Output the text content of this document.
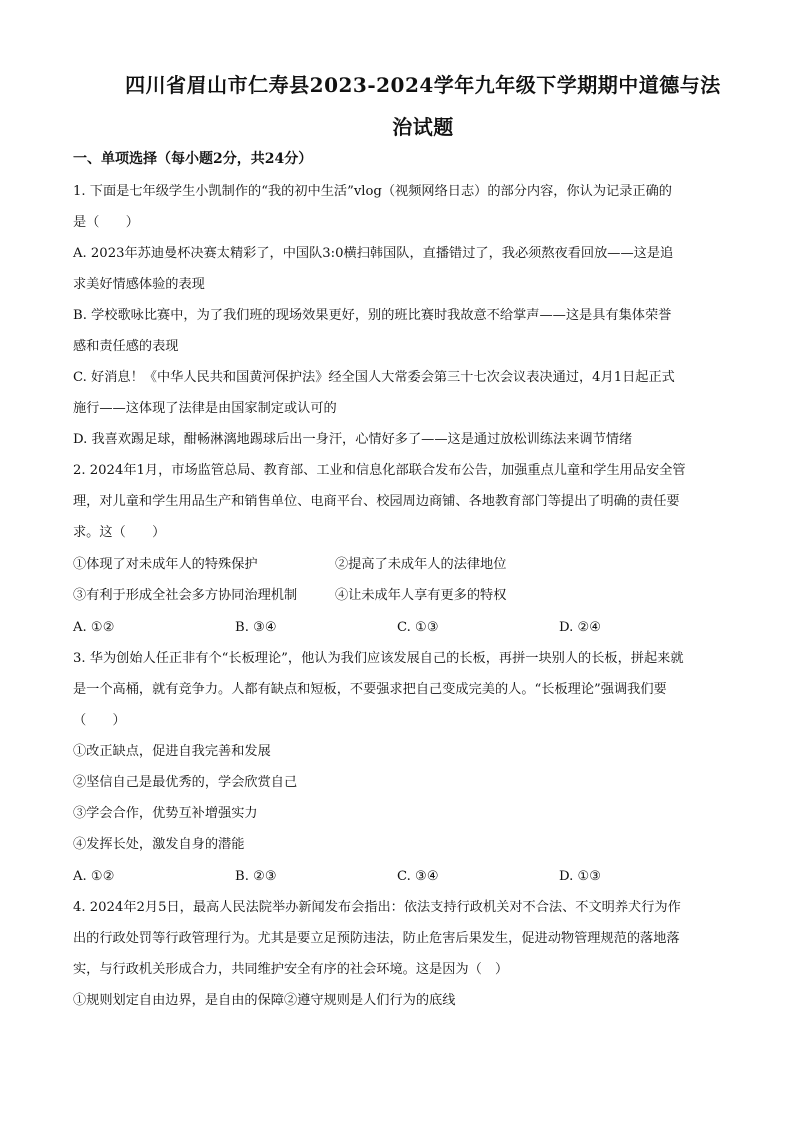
四川省眉山市仁寿县2023-2024学年九年级下学期期中道德与法
治试题
一、单项选择（每小题2分，共24分）
1. 下面是七年级学生小凯制作的“我的初中生活”vlog（视频网络日志）的部分内容，你认为记录正确的
是（　　）
A. 2023年苏迪曼杯决赛太精彩了，中国队3:0横扫韩国队，直播错过了，我必须熬夜看回放——这是追
求美好情感体验的表现
B. 学校歌咏比赛中，为了我们班的现场效果更好，别的班比赛时我故意不给掌声——这是具有集体荣誉
感和责任感的表现
C. 好消息！《中华人民共和国黄河保护法》经全国人大常委会第三十七次会议表决通过，4月1日起正式
施行——这体现了法律是由国家制定或认可的
D. 我喜欢踢足球，酣畅淋漓地踢球后出一身汗，心情好多了——这是通过放松训练法来调节情绪
2. 2024年1月，市场监管总局、教育部、工业和信息化部联合发布公告，加强重点儿童和学生用品安全管
理，对儿童和学生用品生产和销售单位、电商平台、校园周边商铺、各地教育部门等提出了明确的责任要
求。这（　　）
①体现了对未成年人的特殊保护	②提高了未成年人的法律地位
③有利于形成全社会多方协同治理机制	④让未成年人享有更多的特权
A. ①②	B. ③④	C. ①③	D. ②④
3. 华为创始人任正非有个“长板理论”，他认为我们应该发展自己的长板，再拼一块别人的长板，拼起来就
是一个高桶，就有竞争力。人都有缺点和短板，不要强求把自己变成完美的人。“长板理论”强调我们要
（　　）
①改正缺点，促进自我完善和发展
②坚信自己是最优秀的，学会欣赏自己
③学会合作，优势互补增强实力
④发挥长处，激发自身的潜能
A. ①②	B. ②③	C. ③④	D. ①③
4. 2024年2月5日，最高人民法院举办新闻发布会指出：依法支持行政机关对不合法、不文明养犬行为作
出的行政处罚等行政管理行为。尤其是要立足预防违法，防止危害后果发生，促进动物管理规范的落地落
实，与行政机关形成合力，共同维护安全有序的社会环境。这是因为（　）
①规则划定自由边界，是自由的保障②遵守规则是人们行为的底线
